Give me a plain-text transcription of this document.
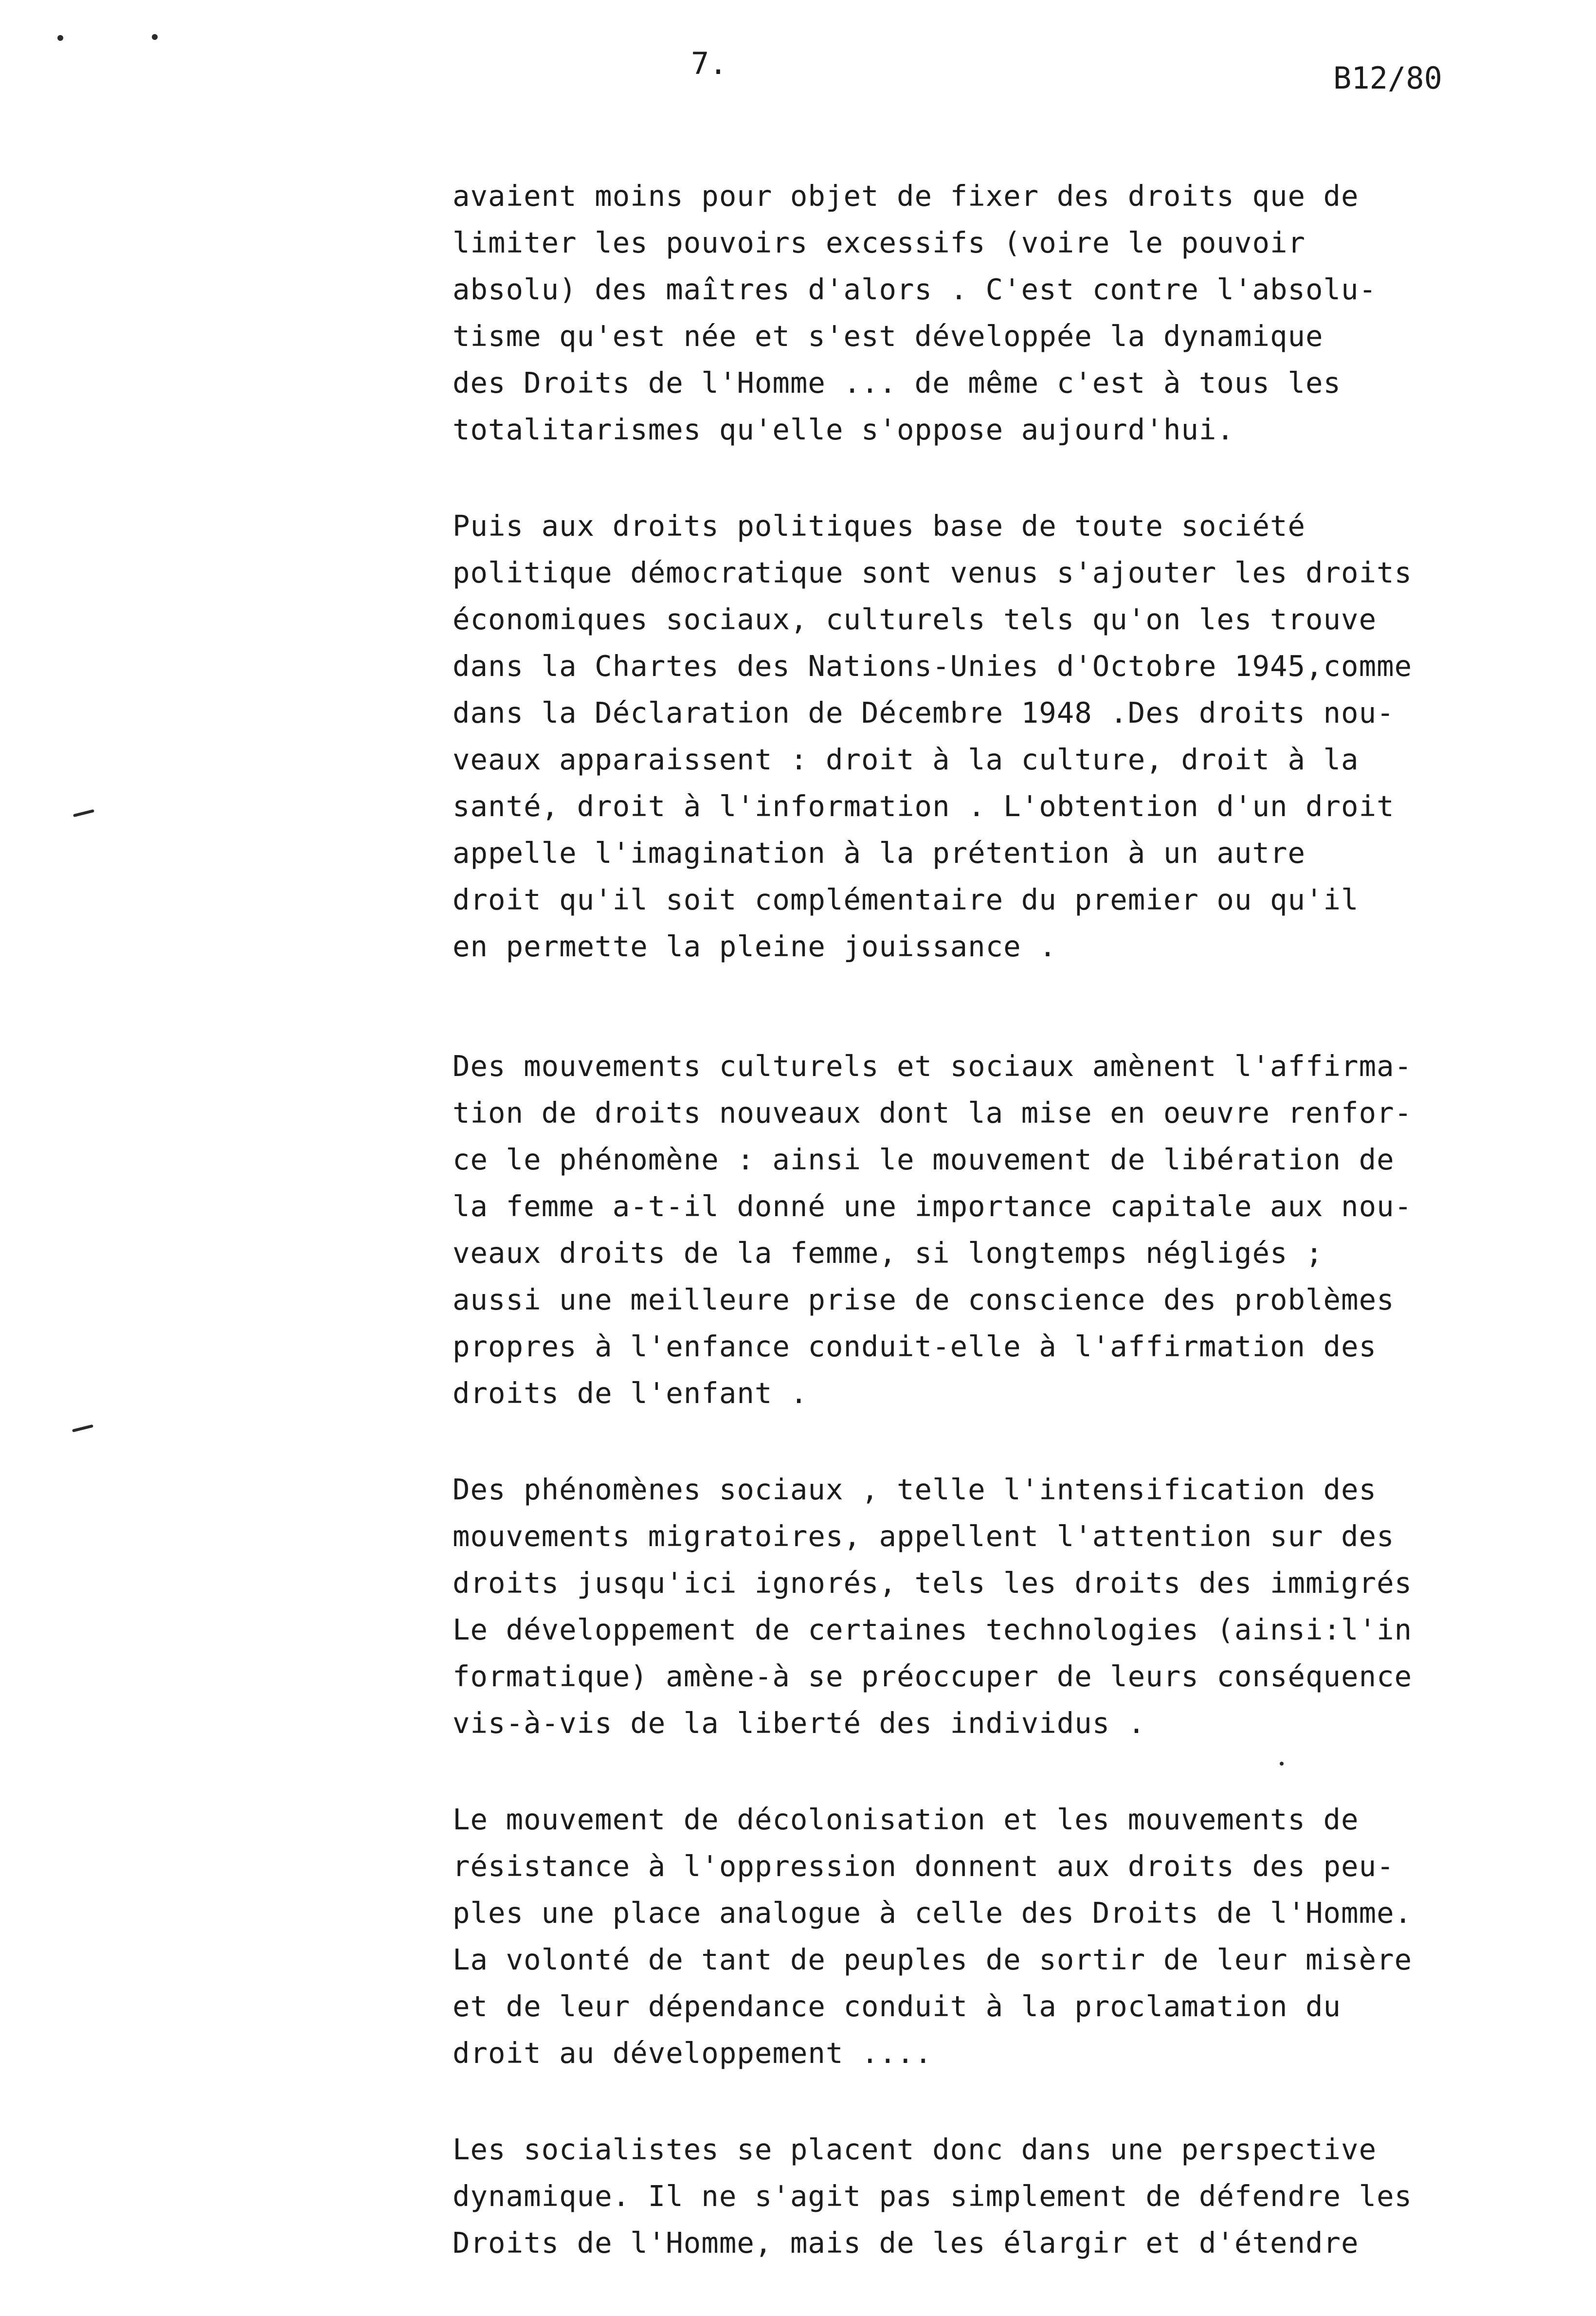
7.	B12/80
avaient moins pour objet de fixer des droits que de
limiter les pouvoirs excessifs (voire le pouvoir
absolu) des maîtres d'alors . C'est contre l'absolu-
tisme qu'est née et s'est développée la dynamique
des Droits de l'Homme ... de même c'est à tous les
totalitarismes qu'elle s'oppose aujourd'hui.
Puis aux droits politiques base de toute société
politique démocratique sont venus s'ajouter les droits
économiques sociaux, culturels tels qu'on les trouve
dans la Chartes des Nations-Unies d'Octobre 1945,comme
dans la Déclaration de Décembre 1948 .Des droits nou-
veaux apparaissent : droit à la culture, droit à la
santé, droit à l'information . L'obtention d'un droit
appelle l'imagination à la prétention à un autre
droit qu'il soit complémentaire du premier ou qu'il
en permette la pleine jouissance .
Des mouvements culturels et sociaux amènent l'affirma-
tion de droits nouveaux dont la mise en oeuvre renfor-
ce le phénomène : ainsi le mouvement de libération de
la femme a-t-il donné une importance capitale aux nou-
veaux droits de la femme, si longtemps négligés ;
aussi une meilleure prise de conscience des problèmes
propres à l'enfance conduit-elle à l'affirmation des
droits de l'enfant .
Des phénomènes sociaux , telle l'intensification des
mouvements migratoires, appellent l'attention sur des
droits jusqu'ici ignorés, tels les droits des immigrés
Le développement de certaines technologies (ainsi:l'in
formatique) amène-à se préoccuper de leurs conséquence
vis-à-vis de la liberté des individus .
Le mouvement de décolonisation et les mouvements de
résistance à l'oppression donnent aux droits des peu-
ples une place analogue à celle des Droits de l'Homme.
La volonté de tant de peuples de sortir de leur misère
et de leur dépendance conduit à la proclamation du
droit au développement ....
Les socialistes se placent donc dans une perspective
dynamique. Il ne s'agit pas simplement de défendre les
Droits de l'Homme, mais de les élargir et d'étendre
